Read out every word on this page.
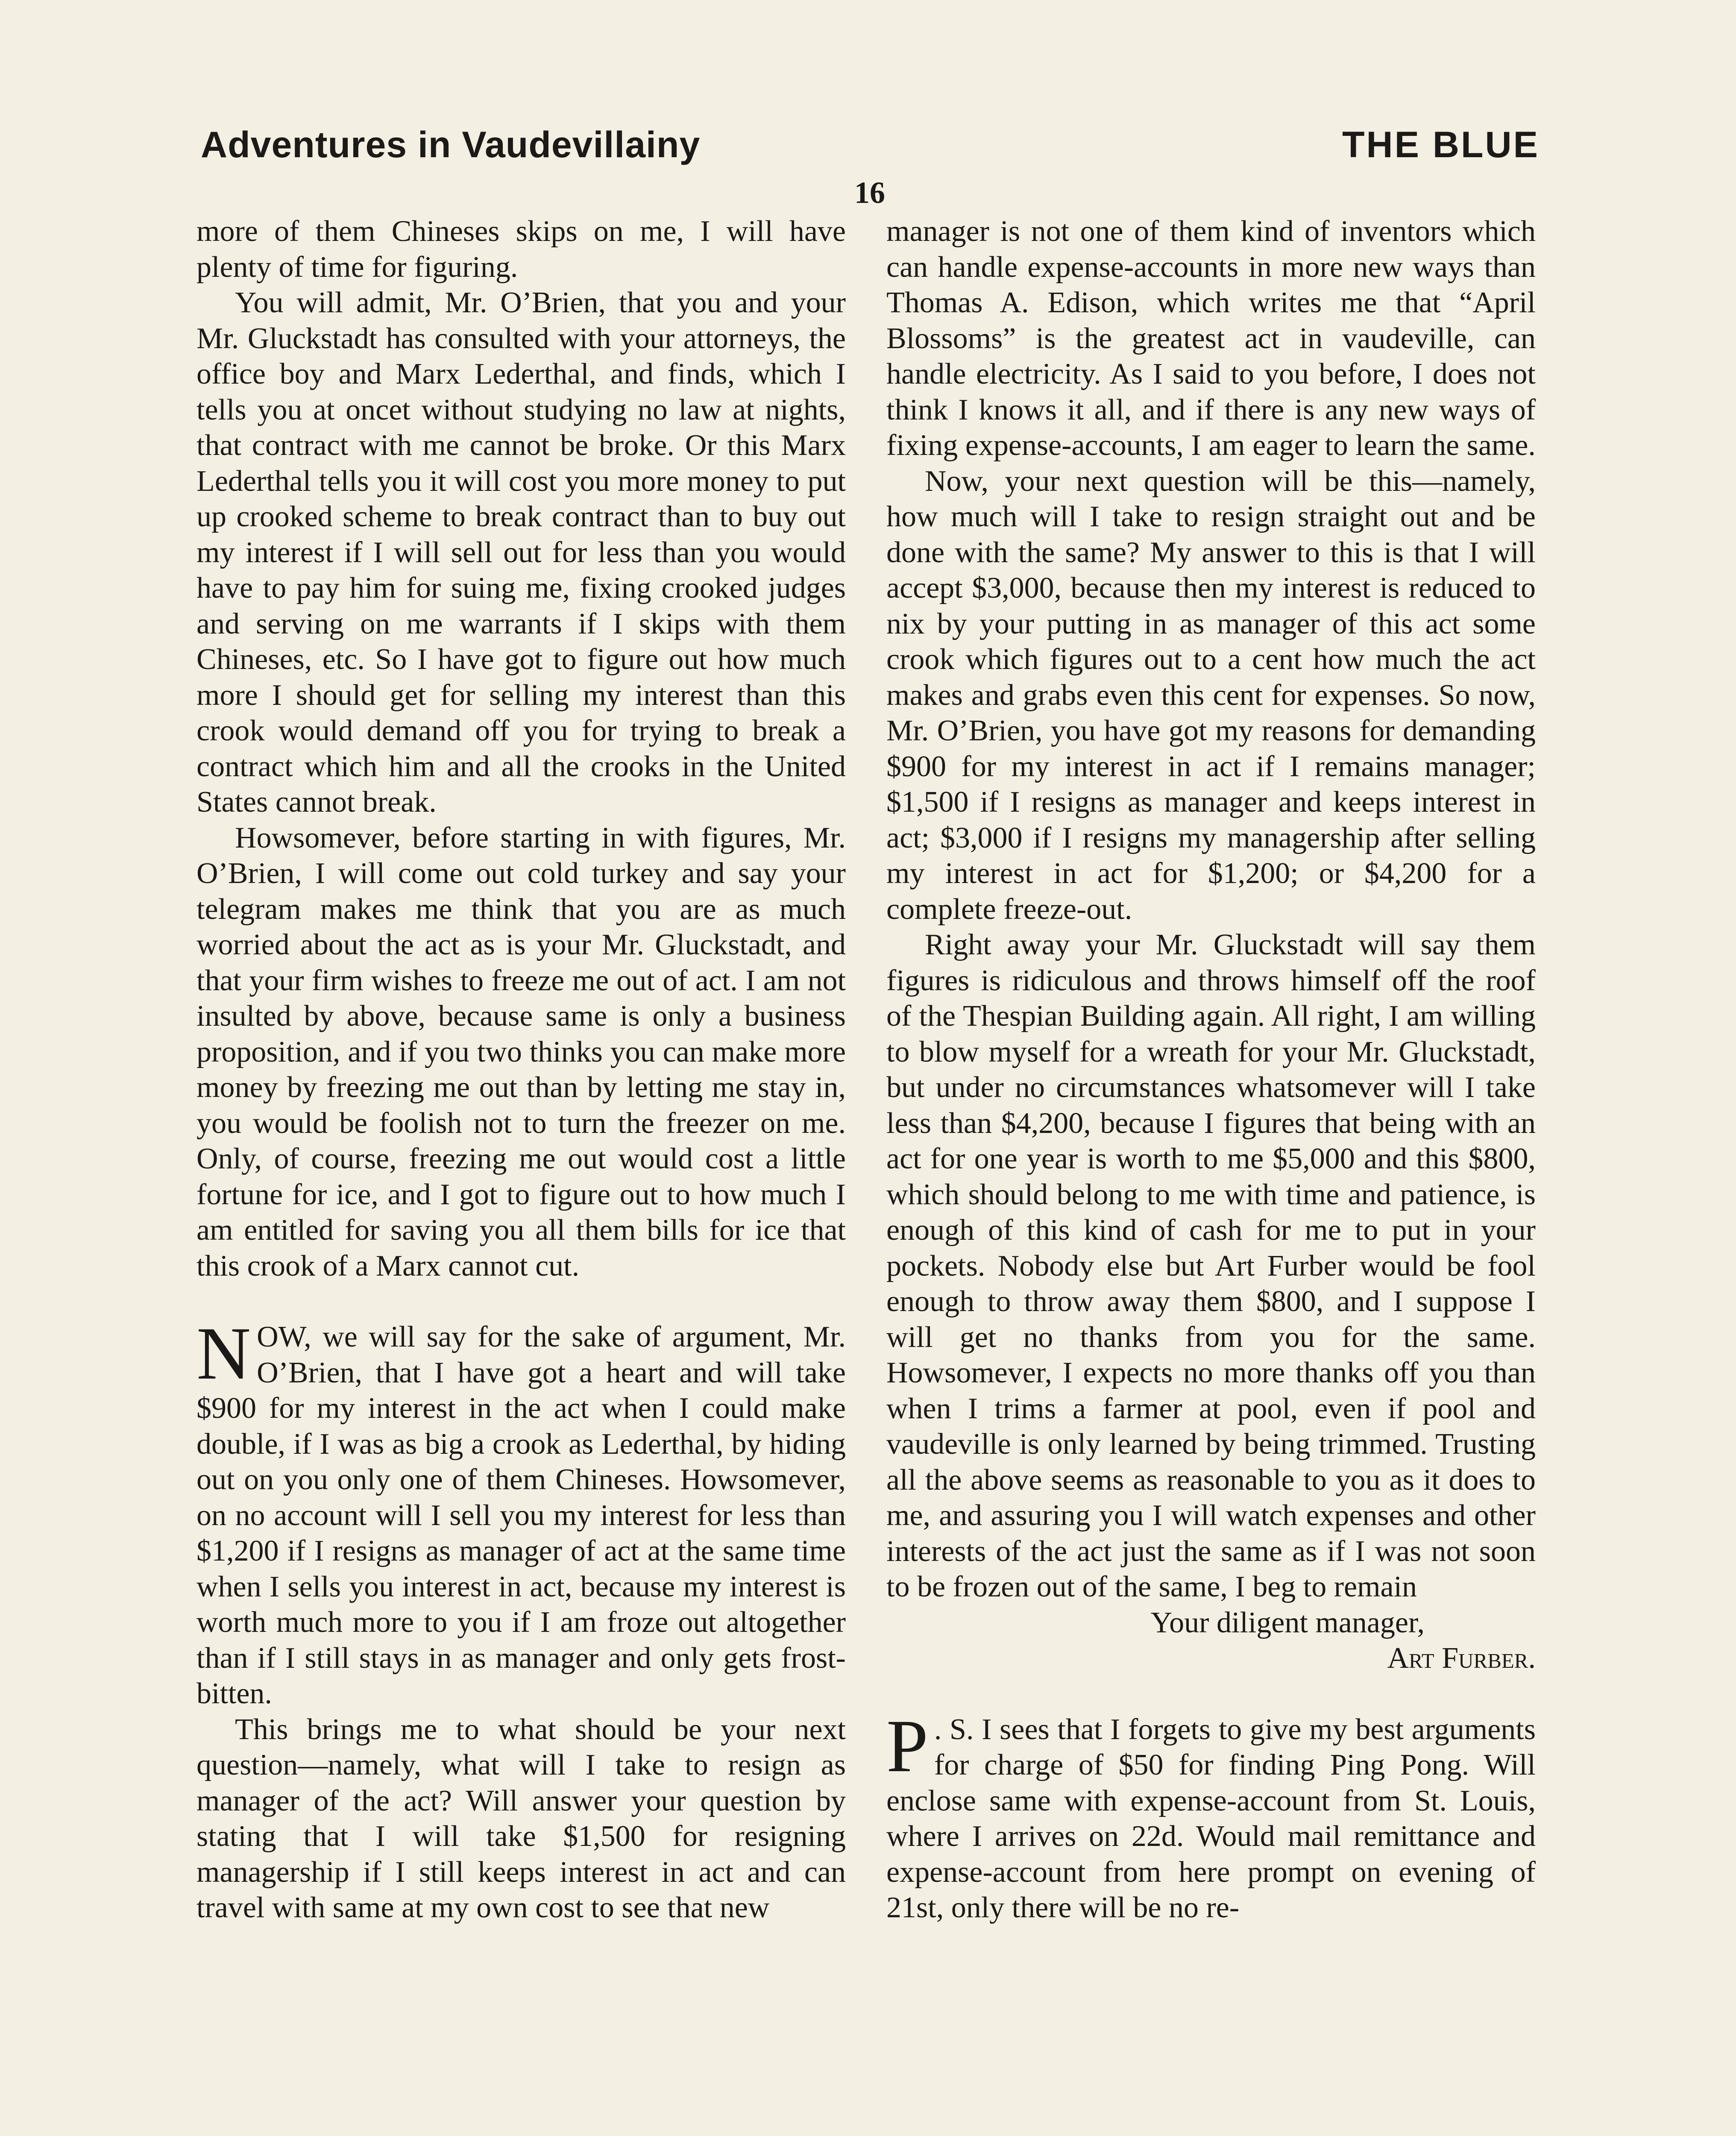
Adventures in Vaudevillainy	THE BLUE
16

more of them Chineses skips on me, I will have plenty of time for figuring.

You will admit, Mr. O’Brien, that you and your Mr. Gluckstadt has consulted with your attorneys, the office boy and Marx Lederthal, and finds, which I tells you at oncet without studying no law at nights, that contract with me cannot be broke. Or this Marx Lederthal tells you it will cost you more money to put up crooked scheme to break contract than to buy out my interest if I will sell out for less than you would have to pay him for suing me, fixing crooked judges and serving on me warrants if I skips with them Chineses, etc. So I have got to figure out how much more I should get for selling my interest than this crook would demand off you for trying to break a contract which him and all the crooks in the United States cannot break.

Howsomever, before starting in with figures, Mr. O’Brien, I will come out cold turkey and say your telegram makes me think that you are as much worried about the act as is your Mr. Gluckstadt, and that your firm wishes to freeze me out of act. I am not insulted by above, because same is only a business proposition, and if you two thinks you can make more money by freezing me out than by letting me stay in, you would be foolish not to turn the freezer on me. Only, of course, freezing me out would cost a little fortune for ice, and I got to figure out to how much I am entitled for saving you all them bills for ice that this crook of a Marx cannot cut.

NOW, we will say for the sake of argument, Mr. O’Brien, that I have got a heart and will take $900 for my interest in the act when I could make double, if I was as big a crook as Lederthal, by hiding out on you only one of them Chineses. Howsomever, on no account will I sell you my interest for less than $1,200 if I resigns as manager of act at the same time when I sells you interest in act, because my interest is worth much more to you if I am froze out altogether than if I still stays in as manager and only gets frost-bitten.

This brings me to what should be your next question—namely, what will I take to resign as manager of the act? Will answer your question by stating that I will take $1,500 for resigning managership if I still keeps interest in act and can travel with same at my own cost to see that new

manager is not one of them kind of inventors which can handle expense-accounts in more new ways than Thomas A. Edison, which writes me that “April Blossoms” is the greatest act in vaudeville, can handle electricity. As I said to you before, I does not think I knows it all, and if there is any new ways of fixing expense-accounts, I am eager to learn the same.

Now, your next question will be this—namely, how much will I take to resign straight out and be done with the same? My answer to this is that I will accept $3,000, because then my interest is reduced to nix by your putting in as manager of this act some crook which figures out to a cent how much the act makes and grabs even this cent for expenses. So now, Mr. O’Brien, you have got my reasons for demanding $900 for my interest in act if I remains manager; $1,500 if I resigns as manager and keeps interest in act; $3,000 if I resigns my managership after selling my interest in act for $1,200; or $4,200 for a complete freeze-out.

Right away your Mr. Gluckstadt will say them figures is ridiculous and throws himself off the roof of the Thespian Building again. All right, I am willing to blow myself for a wreath for your Mr. Gluckstadt, but under no circumstances whatsomever will I take less than $4,200, because I figures that being with an act for one year is worth to me $5,000 and this $800, which should belong to me with time and patience, is enough of this kind of cash for me to put in your pockets. Nobody else but Art Furber would be fool enough to throw away them $800, and I suppose I will get no thanks from you for the same. Howsomever, I expects no more thanks off you than when I trims a farmer at pool, even if pool and vaudeville is only learned by being trimmed. Trusting all the above seems as reasonable to you as it does to me, and assuring you I will watch expenses and other interests of the act just the same as if I was not soon to be frozen out of the same, I beg to remain

Your diligent manager,

Art Furber.

P . S. I sees that I forgets to give my best arguments for charge of $50 for finding Ping Pong. Will enclose same with expense-account from St. Louis, where I arrives on 22d. Would mail remittance and expense-account from here prompt on evening of 21st, only there will be no re-
